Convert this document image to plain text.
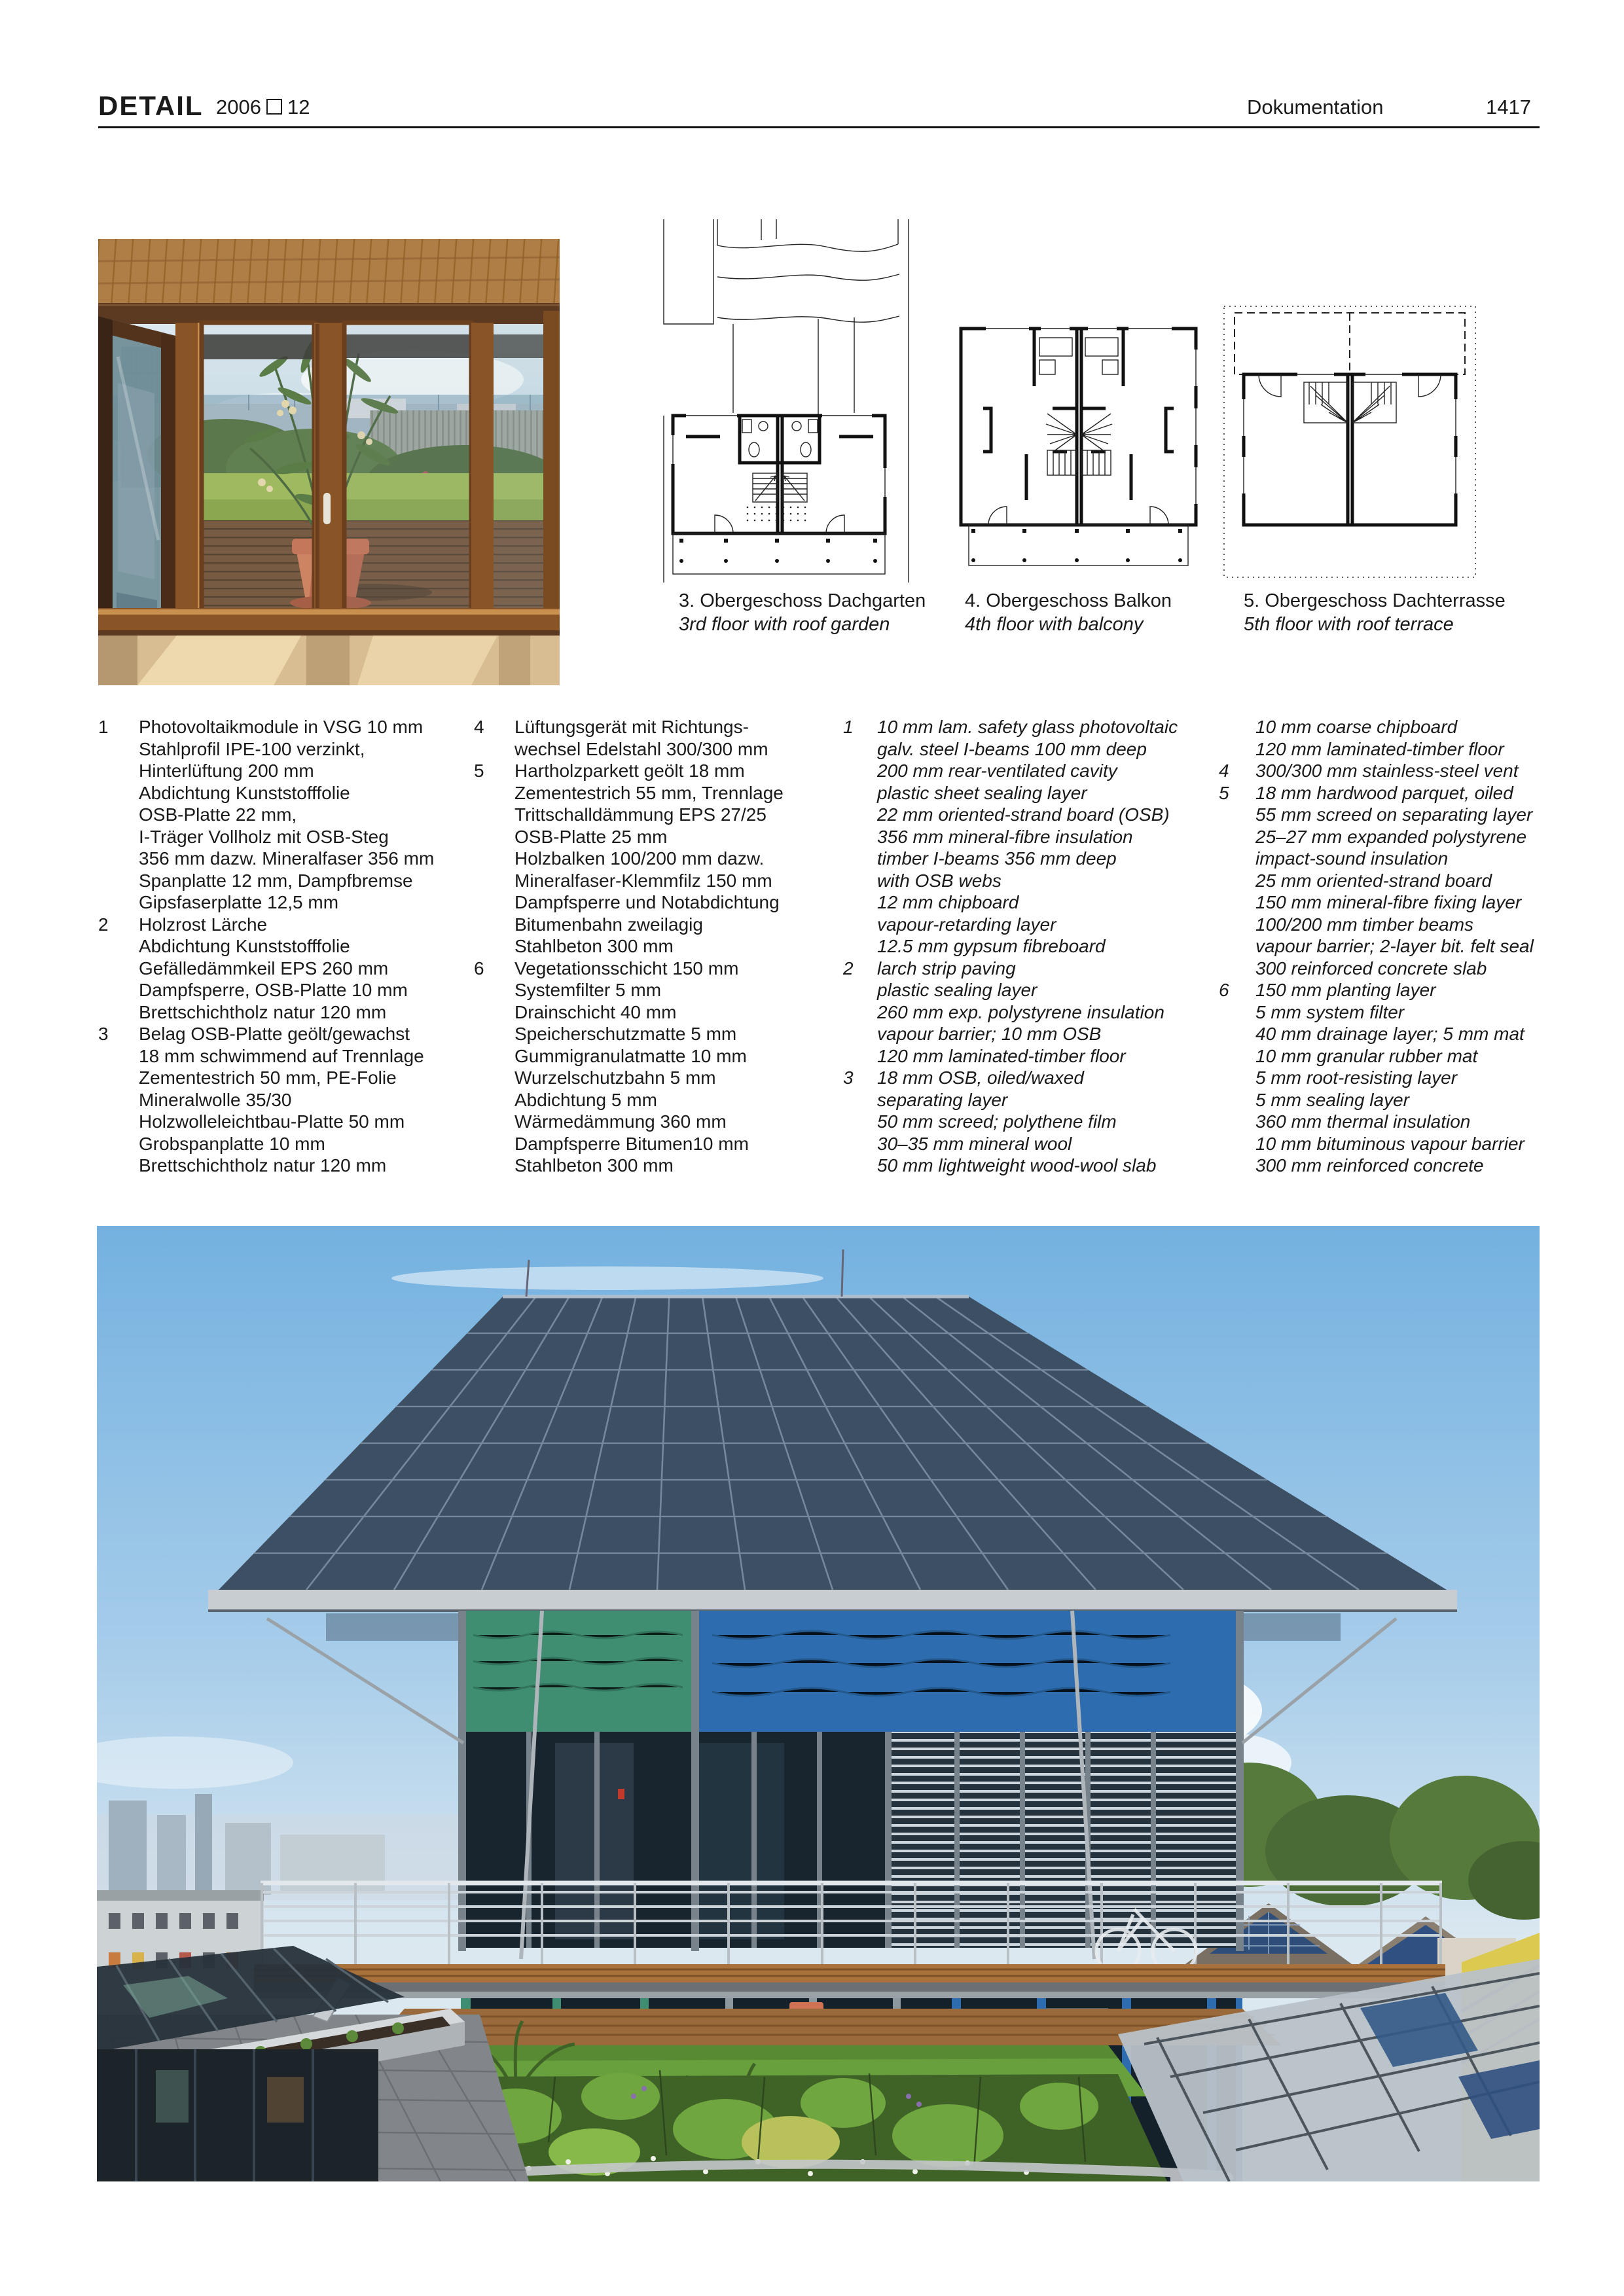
DETAIL 2006 12	Dokumentation	1417
3. Obergeschoss Dachgarten
3rd floor with roof garden
4. Obergeschoss Balkon
4th floor with balcony
5. Obergeschoss Dachterrasse
5th floor with roof terrace
1	Photovoltaikmodule in VSG 10 mm
Stahlprofil IPE-100 verzinkt,
Hinterlüftung 200 mm
Abdichtung Kunststofffolie
OSB-Platte 22 mm,
I-Träger Vollholz mit OSB-Steg
356 mm dazw. Mineralfaser 356 mm
Spanplatte 12 mm, Dampfbremse
Gipsfaserplatte 12,5 mm
2	Holzrost Lärche
Abdichtung Kunststofffolie
Gefälledämmkeil EPS 260 mm
Dampfsperre, OSB-Platte 10 mm
Brettschichtholz natur 120 mm
3	Belag OSB-Platte geölt/gewachst
18 mm schwimmend auf Trennlage
Zementestrich 50 mm, PE-Folie
Mineralwolle 35/30
Holzwolleleichtbau-Platte 50 mm
Grobspanplatte 10 mm
Brettschichtholz natur 120 mm
4	Lüftungsgerät mit Richtungs-
wechsel Edelstahl 300/300 mm
5	Hartholzparkett geölt 18 mm
Zementestrich 55 mm, Trennlage
Trittschalldämmung EPS 27/25
OSB-Platte 25 mm
Holzbalken 100/200 mm dazw.
Mineralfaser-Klemmfilz 150 mm
Dampfsperre und Notabdichtung
Bitumenbahn zweilagig
Stahlbeton 300 mm
6	Vegetationsschicht 150 mm
Systemfilter 5 mm
Drainschicht 40 mm
Speicherschutzmatte 5 mm
Gummigranulatmatte 10 mm
Wurzelschutzbahn 5 mm
Abdichtung 5 mm
Wärmedämmung 360 mm
Dampfsperre Bitumen10 mm
Stahlbeton 300 mm
1	10 mm lam. safety glass photovoltaic
galv. steel I-beams 100 mm deep
200 mm rear-ventilated cavity
plastic sheet sealing layer
22 mm oriented-strand board (OSB)
356 mm mineral-fibre insulation
timber I-beams 356 mm deep
with OSB webs
12 mm chipboard
vapour-retarding layer
12.5 mm gypsum fibreboard
2	larch strip paving
plastic sealing layer
260 mm exp. polystyrene insulation
vapour barrier; 10 mm OSB
120 mm laminated-timber floor
3	18 mm OSB, oiled/waxed
separating layer
50 mm screed; polythene film
30–35 mm mineral wool
50 mm lightweight wood-wool slab
10 mm coarse chipboard
120 mm laminated-timber floor
4	300/300 mm stainless-steel vent
5	18 mm hardwood parquet, oiled
55 mm screed on separating layer
25–27 mm expanded polystyrene
impact-sound insulation
25 mm oriented-strand board
150 mm mineral-fibre fixing layer
100/200 mm timber beams
vapour barrier; 2-layer bit. felt seal
300 reinforced concrete slab
6	150 mm planting layer
5 mm system filter
40 mm drainage layer; 5 mm mat
10 mm granular rubber mat
5 mm root-resisting layer
5 mm sealing layer
360 mm thermal insulation
10 mm bituminous vapour barrier
300 mm reinforced concrete
